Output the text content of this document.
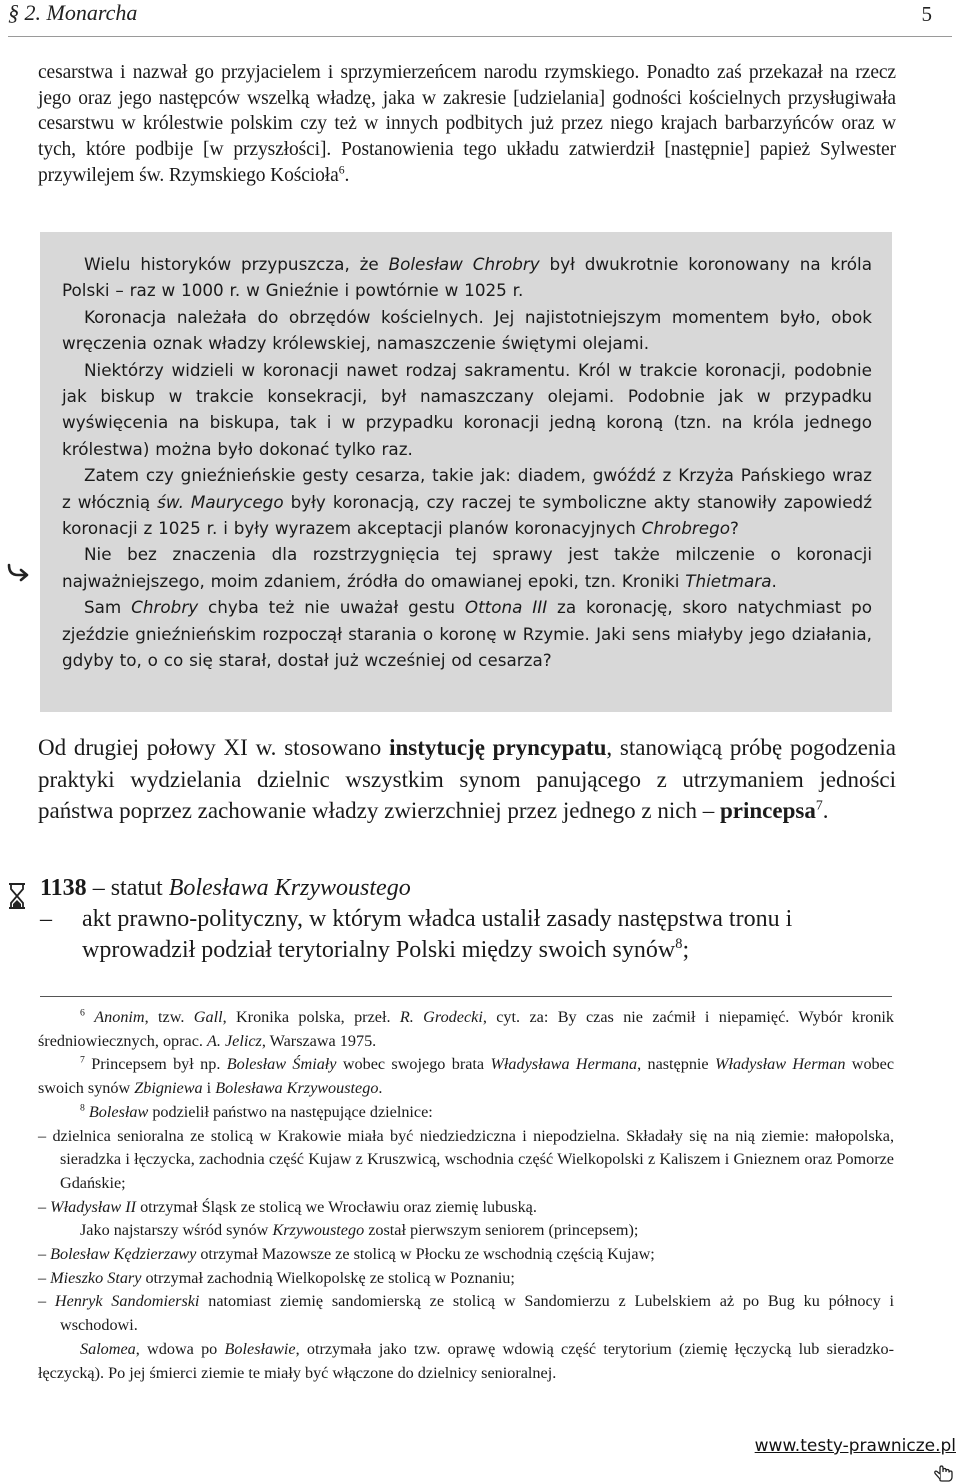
§ 2. Monarcha	5
cesarstwa i nazwał go przyjacielem i sprzymierzeńcem narodu rzymskiego. Ponadto zaś przekazał na rzecz jego oraz jego następców wszelką władzę, jaka w zakresie [udzielania] godności kościelnych przysługiwała cesarstwu w królestwie polskim czy też w innych podbitych już przez niego krajach barbarzyńców oraz w tych, które podbije [w przyszłości]. Postanowienia tego układu zatwierdził [następnie] papież Sylwester przywilejem św. Rzymskiego Kościoła$^6$.

Wielu historyków przypuszcza, że Bolesław Chrobry był dwukrotnie koronowany na króla Polski – raz w 1000 r. w Gnieźnie i powtórnie w 1025 r.

Koronacja należała do obrzędów kościelnych. Jej najistotniejszym momentem było, obok wręczenia oznak władzy królewskiej, namaszczenie świętymi olejami.

Niektórzy widzieli w koronacji nawet rodzaj sakramentu. Król w trakcie koronacji, podobnie jak biskup w trakcie konsekracji, był namaszczany olejami. Podobnie jak w przypadku wyświęcenia na biskupa, tak i w przypadku koronacji jedną koroną (tzn. na króla jednego królestwa) można było dokonać tylko raz.

Zatem czy gnieźnieńskie gesty cesarza, takie jak: diadem, gwóźdź z Krzyża Pańskiego wraz z włócznią św. Maurycego były koronacją, czy raczej te symboliczne akty stanowiły zapowiedź koronacji z 1025 r. i były wyrazem akceptacji planów koronacyjnych Chrobrego?

Nie bez znaczenia dla rozstrzygnięcia tej sprawy jest także milczenie o koronacji najważniejszego, moim zdaniem, źródła do omawianej epoki, tzn. Kroniki Thietmara.

Sam Chrobry chyba też nie uważał gestu Ottona III za koronację, skoro natychmiast po zjeździe gnieźnieńskim rozpoczął starania o koronę w Rzymie. Jaki sens miałyby jego działania, gdyby to, o co się starał, dostał już wcześniej od cesarza?

Od drugiej połowy XI w. stosowano instytucję pryncypatu, stanowiącą próbę pogodzenia praktyki wydzielania dzielnic wszystkim synom panującego z utrzymaniem jedności państwa poprzez zachowanie władzy zwierzchniej przez jednego z nich – princepsa$^7$.
1138 – statut Bolesława Krzywoustego
– akt prawno-polityczny, w którym władca ustalił zasady następstwa tronu i wprowadził podział terytorialny Polski między swoich synów$^8$;

$^6$ Anonim, tzw. Gall, Kronika polska, przeł. R. Grodecki, cyt. za: By czas nie zaćmił i niepamięć. Wybór kronik średniowiecznych, oprac. A. Jelicz, Warszawa 1975.

$^7$ Princepsem był np. Bolesław Śmiały wobec swojego brata Władysława Hermana, następnie Władysław Herman wobec swoich synów Zbigniewa i Bolesława Krzywoustego.

$^8$ Bolesław podzielił państwo na następujące dzielnice:

– dzielnica senioralna ze stolicą w Krakowie miała być niedziedziczna i niepodzielna. Składały się na nią ziemie: małopolska, sieradzka i łęczycka, zachodnia część Kujaw z Kruszwicą, wschodnia część Wielkopolski z Kaliszem i Gnieznem oraz Pomorze Gdańskie;

– Władysław II otrzymał Śląsk ze stolicą we Wrocławiu oraz ziemię lubuską.

Jako najstarszy wśród synów Krzywoustego został pierwszym seniorem (princepsem);

– Bolesław Kędzierzawy otrzymał Mazowsze ze stolicą w Płocku ze wschodnią częścią Kujaw;

– Mieszko Stary otrzymał zachodnią Wielkopolskę ze stolicą w Poznaniu;

– Henryk Sandomierski natomiast ziemię sandomierską ze stolicą w Sandomierzu z Lubelskiem aż po Bug ku północy i wschodowi.

Salomea, wdowa po Bolesławie, otrzymała jako tzw. oprawę wdowią część terytorium (ziemię łęczycką lub sieradzko-łęczycką). Po jej śmierci ziemie te miały być włączone do dzielnicy senioralnej.

www.testy-prawnicze.pl
